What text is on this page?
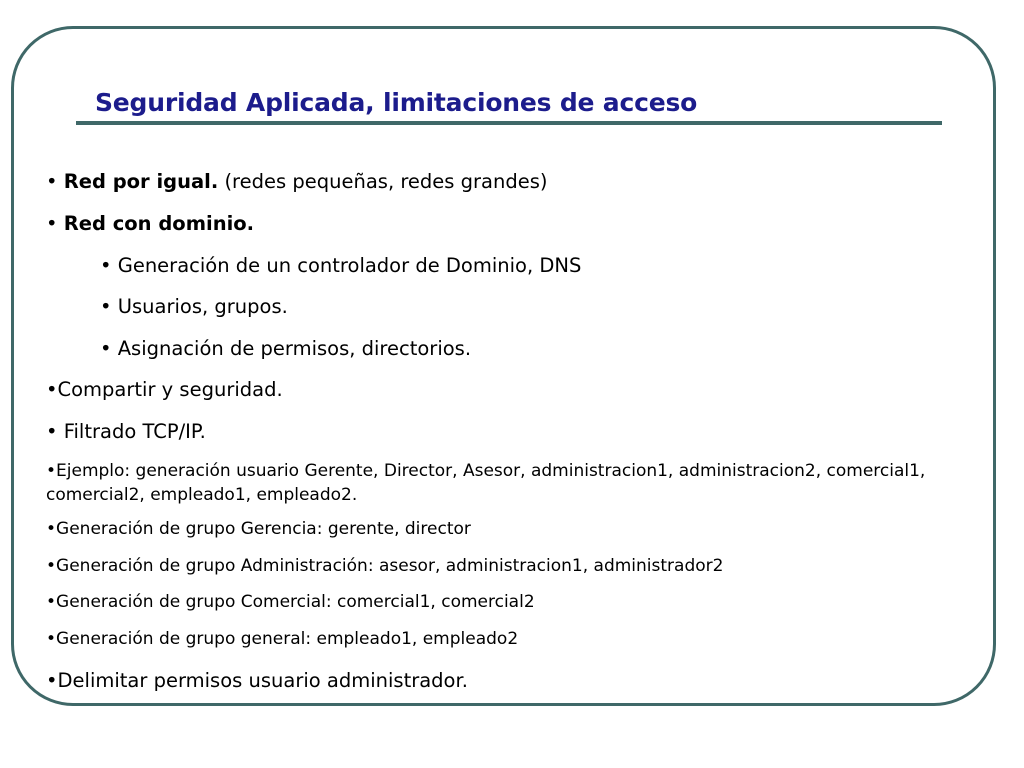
Seguridad Aplicada, limitaciones de acceso
• Red por igual. (redes pequeñas, redes grandes)
• Red con dominio.
• Generación de un controlador de Dominio, DNS
• Usuarios, grupos.
• Asignación de permisos, directorios.
•Compartir y seguridad.
• Filtrado TCP/IP.
•Ejemplo: generación usuario Gerente, Director, Asesor, administracion1, administracion2, comercial1, comercial2, empleado1, empleado2.
•Generación de grupo Gerencia: gerente, director
•Generación de grupo Administración: asesor, administracion1, administrador2
•Generación de grupo Comercial: comercial1, comercial2
•Generación de grupo general: empleado1, empleado2
•Delimitar permisos usuario administrador.
